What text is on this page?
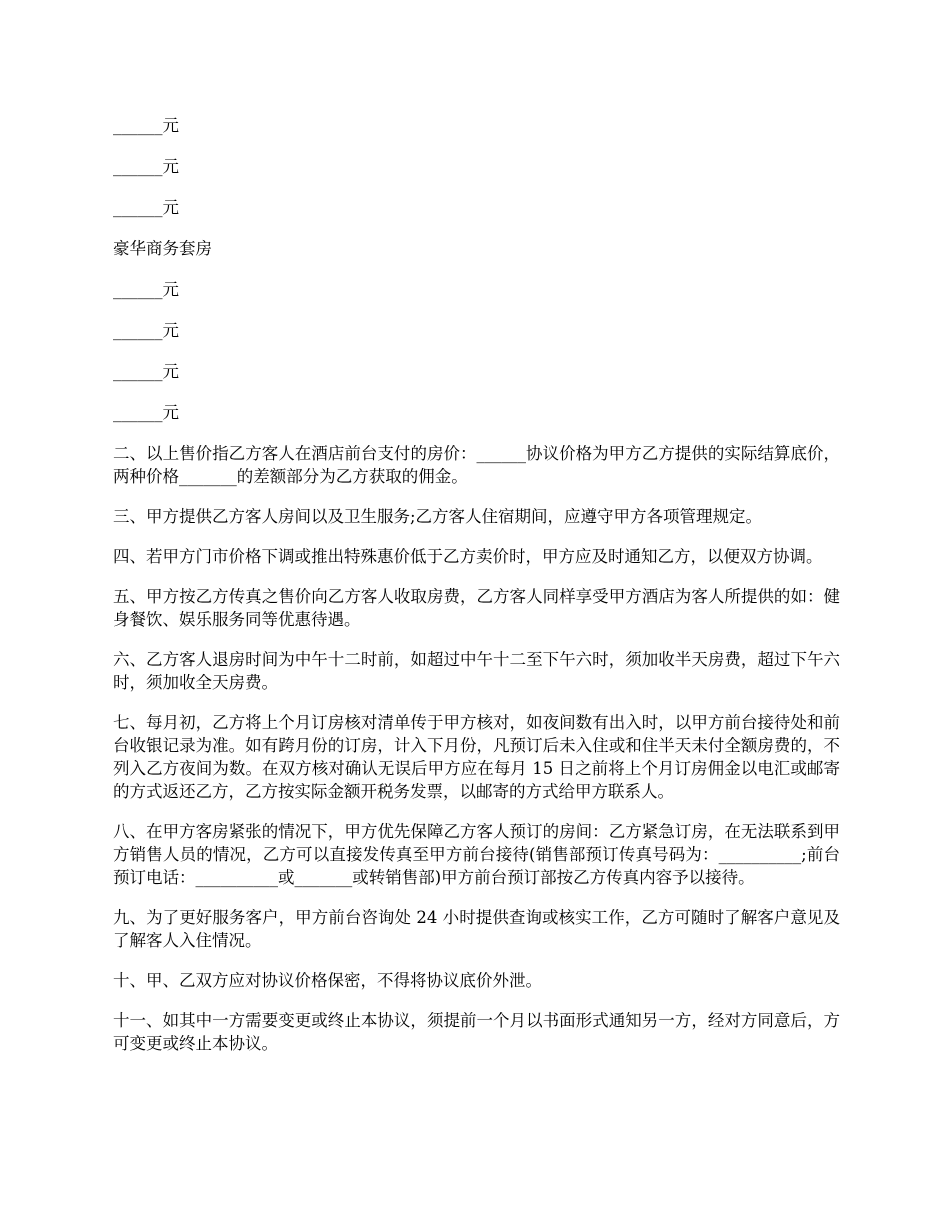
______元

______元

______元

豪华商务套房

______元

______元

______元

______元

二、以上售价指乙方客人在酒店前台支付的房价：______协议价格为甲方乙方提供的实际结算底价，两种价格_______的差额部分为乙方获取的佣金。

三、甲方提供乙方客人房间以及卫生服务;乙方客人住宿期间，应遵守甲方各项管理规定。

四、若甲方门市价格下调或推出特殊惠价低于乙方卖价时，甲方应及时通知乙方，以便双方协调。

五、甲方按乙方传真之售价向乙方客人收取房费，乙方客人同样享受甲方酒店为客人所提供的如：健身餐饮、娱乐服务同等优惠待遇。

六、乙方客人退房时间为中午十二时前，如超过中午十二至下午六时，须加收半天房费，超过下午六时，须加收全天房费。

七、每月初，乙方将上个月订房核对清单传于甲方核对，如夜间数有出入时，以甲方前台接待处和前台收银记录为准。如有跨月份的订房，计入下月份，凡预订后未入住或和住半天未付全额房费的，不列入乙方夜间为数。在双方核对确认无误后甲方应在每月 15 日之前将上个月订房佣金以电汇或邮寄的方式返还乙方，乙方按实际金额开税务发票，以邮寄的方式给甲方联系人。

八、在甲方客房紧张的情况下，甲方优先保障乙方客人预订的房间：乙方紧急订房，在无法联系到甲方销售人员的情况，乙方可以直接发传真至甲方前台接待(销售部预订传真号码为：__________;前台预订电话：__________或_______或转销售部)甲方前台预订部按乙方传真内容予以接待。

九、为了更好服务客户，甲方前台咨询处 24 小时提供查询或核实工作，乙方可随时了解客户意见及了解客人入住情况。

十、甲、乙双方应对协议价格保密，不得将协议底价外泄。

十一、如其中一方需要变更或终止本协议，须提前一个月以书面形式通知另一方，经对方同意后，方可变更或终止本协议。
